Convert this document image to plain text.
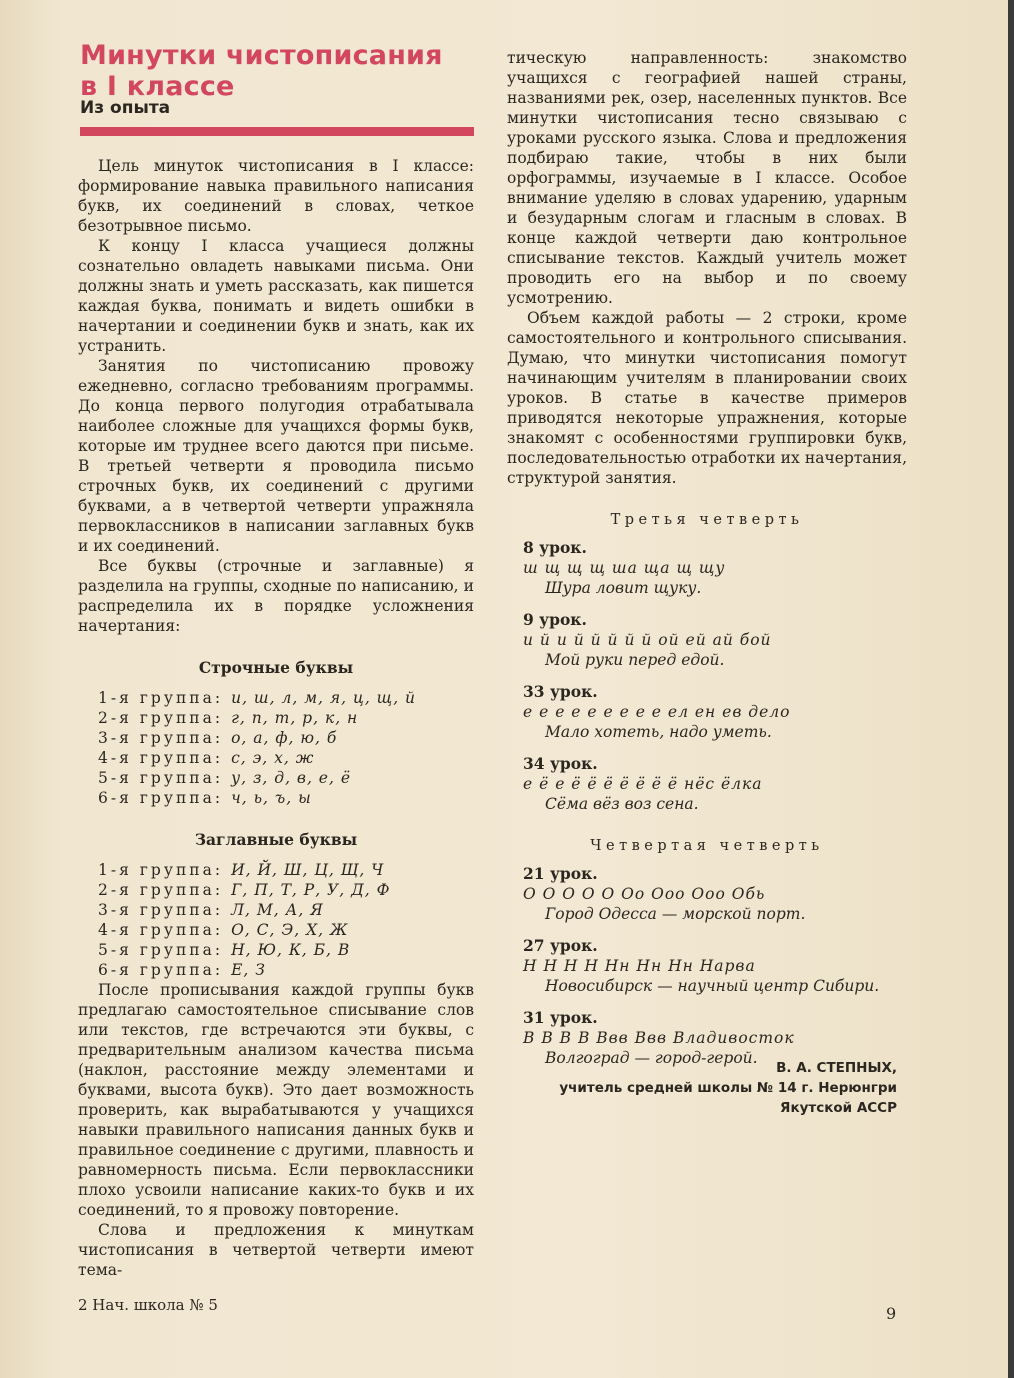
Минутки чистописания
в I классе
Из опыта

Цель минуток чистописания в I классе: формирование навыка правильного написания букв, их соединений в словах, четкое безотрывное письмо.

К концу I класса учащиеся должны сознательно овладеть навыками письма. Они должны знать и уметь рассказать, как пишется каждая буква, понимать и видеть ошибки в начертании и соединении букв и знать, как их устранить.

Занятия по чистописанию провожу ежедневно, согласно требованиям программы. До конца первого полугодия отрабатывала наиболее сложные для учащихся формы букв, которые им труднее всего даются при письме. В третьей четверти я проводила письмо строчных букв, их соединений с другими буквами, а в четвертой четверти упражняла первоклассников в написании заглавных букв и их соединений.

Все буквы (строчные и заглавные) я разделила на группы, сходные по написанию, и распределила их в порядке усложнения начертания:

Строчные буквы
1-я группа: и, ш, л, м, я, ц, щ, й
2-я группа: г, п, т, р, к, н
3-я группа: о, а, ф, ю, б
4-я группа: с, э, х, ж
5-я группа: у, з, д, в, е, ё
6-я группа: ч, ь, ъ, ы
Заглавные буквы
1-я группа: И, Й, Ш, Ц, Щ, Ч
2-я группа: Г, П, Т, Р, У, Д, Ф
3-я группа: Л, М, А, Я
4-я группа: О, С, Э, Х, Ж
5-я группа: Н, Ю, К, Б, В
6-я группа: Е, З

После прописывания каждой группы букв предлагаю самостоятельное списывание слов или текстов, где встречаются эти буквы, с предварительным анализом качества письма (наклон, расстояние между элементами и буквами, высота букв). Это дает возможность проверить, как вырабатываются у учащихся навыки правильного написания данных букв и правильное соединение с другими, плавность и равномерность письма. Если первоклассники плохо усвоили написание каких-то букв и их соединений, то я провожу повторение.

Слова и предложения к минуткам чистописания в четвертой четверти имеют тема-

тическую направленность: знакомство учащихся с географией нашей страны, названиями рек, озер, населенных пунктов. Все минутки чистописания тесно связываю с уроками русского языка. Слова и предложения подбираю такие, чтобы в них были орфограммы, изучаемые в I классе. Особое внимание уделяю в словах ударению, ударным и безударным слогам и гласным в словах. В конце каждой четверти даю контрольное списывание текстов. Каждый учитель может проводить его на выбор и по своему усмотрению.

Объем каждой работы — 2 строки, кроме самостоятельного и контрольного списывания. Думаю, что минутки чистописания помогут начинающим учителям в планировании своих уроков. В статье в качестве примеров приводятся некоторые упражнения, которые знакомят с особенностями группировки букв, последовательностью отработки их начертания, структурой занятия.

Третья четверть
8 урок.
ш щ щ щ ша ща щ щу
Шура ловит щуку.
9 урок.
и й и й й й й й ой ей ай бой
Мой руки перед едой.
33 урок.
е е е е е е е е е ел ен ев дело
Мало хотеть, надо уметь.
34 урок.
е ё е ё ё ё ё ё ё ё нёс ёлка
Сёма вёз воз сена.
Четвертая четверть
21 урок.
О О О О О Оо Ооо Ооо Обь
Город Одесса — морской порт.
27 урок.
Н Н Н Н Нн Нн Нн Нарва
Новосибирск — научный центр Сибири.
31 урок.
В В В В Ввв Ввв Владивосток
Волгоград — город-герой.
В. А. СТЕПНЫХ,
учитель средней школы № 14 г. Нерюнгри
Якутской АССР
2 Нач. школа № 5	9
